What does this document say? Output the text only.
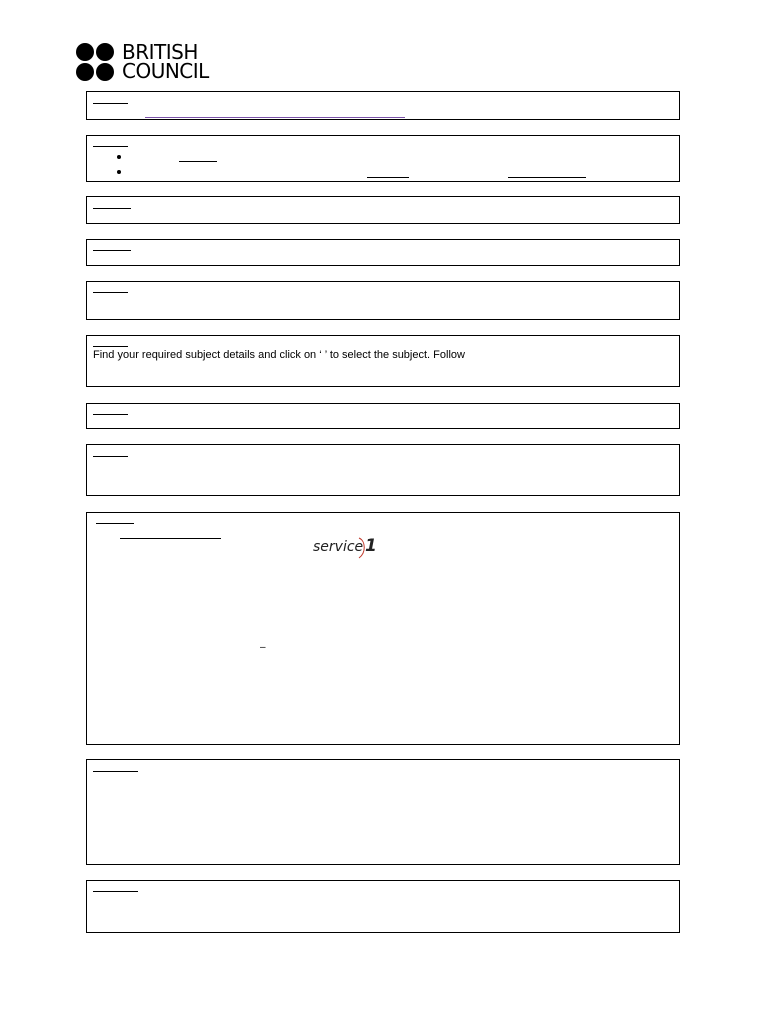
BRITISH
COUNCIL
Find your required subject details and click on ‘ ’ to select the subject. Follow
service 1
–
